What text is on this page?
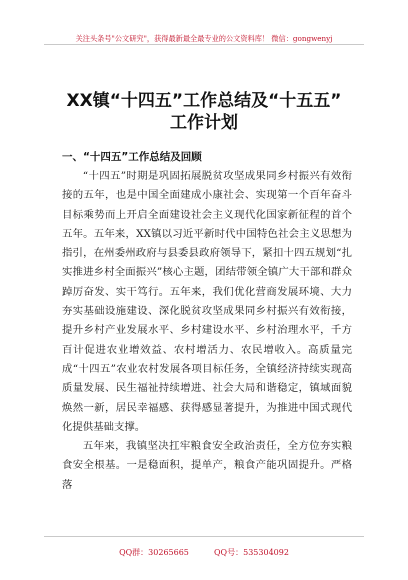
关注头条号"公文研究"，获得最新最全最专业的公文资料库！ 微信：gongwenyj
XX镇“十四五”工作总结及“十五五”
工作计划
一、“十四五”工作总结及回顾

“十四五”时期是巩固拓展脱贫攻坚成果同乡村振兴有效衔接的五年，也是中国全面建成小康社会、实现第一个百年奋斗目标乘势而上开启全面建设社会主义现代化国家新征程的首个五年。五年来，XX镇以习近平新时代中国特色社会主义思想为指引，在州委州政府与县委县政府领导下，紧扣十四五规划“扎实推进乡村全面振兴”核心主题，团结带领全镇广大干部和群众踔厉奋发、实干笃行。五年来，我们优化营商发展环境、大力夯实基础设施建设、深化脱贫攻坚成果同乡村振兴有效衔接，提升乡村产业发展水平、乡村建设水平、乡村治理水平，千方百计促进农业增效益、农村增活力、农民增收入。高质量完成“十四五”农业农村发展各项目标任务，全镇经济持续实现高质量发展、民生福祉持续增进、社会大局和谐稳定，镇域面貌焕然一新，居民幸福感、获得感显著提升，为推进中国式现代化提供基础支撑。

五年来，我镇坚决扛牢粮食安全政治责任，全方位夯实粮食安全根基。一是稳面积，提单产，粮食产能巩固提升。严格落

QQ群：30265665	QQ号：535304092
